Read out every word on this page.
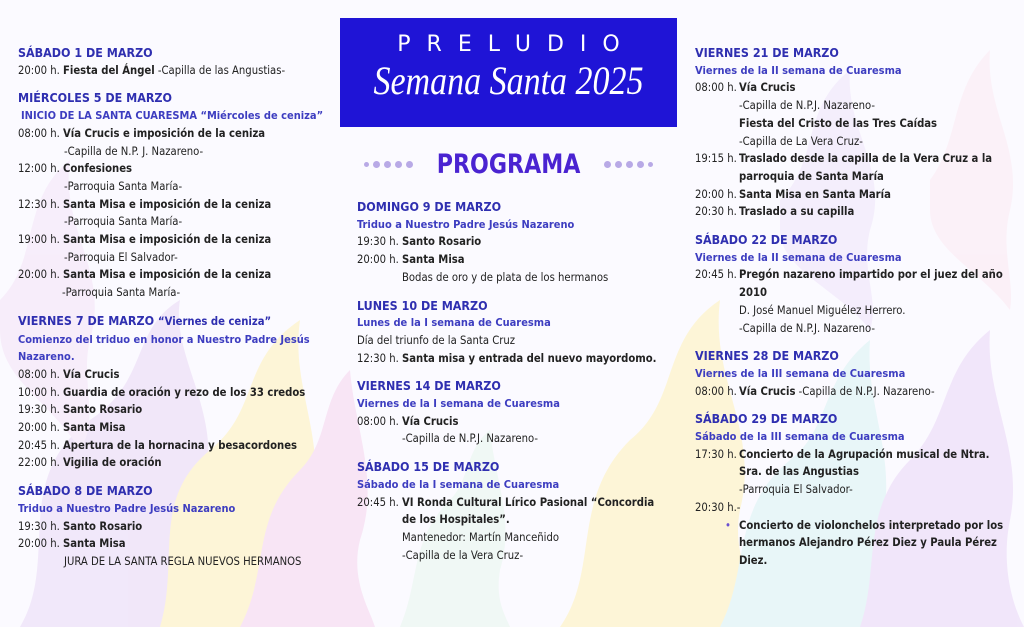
PRELUDIO
Semana Santa 2025
PROGRAMA
SÁBADO 1 DE MARZO
20:00 h. Fiesta del Ángel -Capilla de las Angustias-
MIÉRCOLES 5 DE MARZO
INICIO DE LA SANTA CUARESMA “Miércoles de ceniza”
08:00 h. Vía Crucis e imposición de la ceniza
-Capilla de N.P. J. Nazareno-
12:00 h. Confesiones
-Parroquia Santa María-
12:30 h. Santa Misa e imposición de la ceniza
-Parroquia Santa María-
19:00 h. Santa Misa e imposición de la ceniza
-Parroquia El Salvador-
20:00 h. Santa Misa e imposición de la ceniza
-Parroquia Santa María-
VIERNES 7 DE MARZO “Viernes de ceniza”
Comienzo del triduo en honor a Nuestro Padre Jesús Nazareno.
08:00 h. Vía Crucis
10:00 h. Guardia de oración y rezo de los 33 credos
19:30 h. Santo Rosario
20:00 h. Santa Misa
20:45 h. Apertura de la hornacina y besacordones
22:00 h. Vigilia de oración
SÁBADO 8 DE MARZO
Triduo a Nuestro Padre Jesús Nazareno
19:30 h. Santo Rosario
20:00 h. Santa Misa
JURA DE LA SANTA REGLA NUEVOS HERMANOS
DOMINGO 9 DE MARZO
Triduo a Nuestro Padre Jesús Nazareno
19:30 h. Santo Rosario
20:00 h. Santa Misa
Bodas de oro y de plata de los hermanos
LUNES 10 DE MARZO
Lunes de la I semana de Cuaresma
Día del triunfo de la Santa Cruz
12:30 h. Santa misa y entrada del nuevo mayordomo.
VIERNES 14 DE MARZO
Viernes de la I semana de Cuaresma
08:00 h. Vía Crucis
-Capilla de N.P.J. Nazareno-
SÁBADO 15 DE MARZO
Sábado de la I semana de Cuaresma
20:45 h. VI Ronda Cultural Lírico Pasional “Concordia de los Hospitales”.
Mantenedor: Martín Manceñido
-Capilla de la Vera Cruz-
VIERNES 21 DE MARZO
Viernes de la II semana de Cuaresma
08:00 h. Vía Crucis
-Capilla de N.P.J. Nazareno-
Fiesta del Cristo de las Tres Caídas
-Capilla de La Vera Cruz-
19:15 h. Traslado desde la capilla de la Vera Cruz a la parroquia de Santa María
20:00 h. Santa Misa en Santa María
20:30 h. Traslado a su capilla
SÁBADO 22 DE MARZO
Viernes de la II semana de Cuaresma
20:45 h. Pregón nazareno impartido por el juez del año 2010
D. José Manuel Miguélez Herrero.
-Capilla de N.P.J. Nazareno-
VIERNES 28 DE MARZO
Viernes de la III semana de Cuaresma
08:00 h. Vía Crucis -Capilla de N.P.J. Nazareno-
SÁBADO 29 DE MARZO
Sábado de la III semana de Cuaresma
17:30 h. Concierto de la Agrupación musical de Ntra. Sra. de las Angustias
-Parroquia El Salvador-
20:30 h.-
• Concierto de violonchelos interpretado por los hermanos Alejandro Pérez Diez y Paula Pérez Diez.
